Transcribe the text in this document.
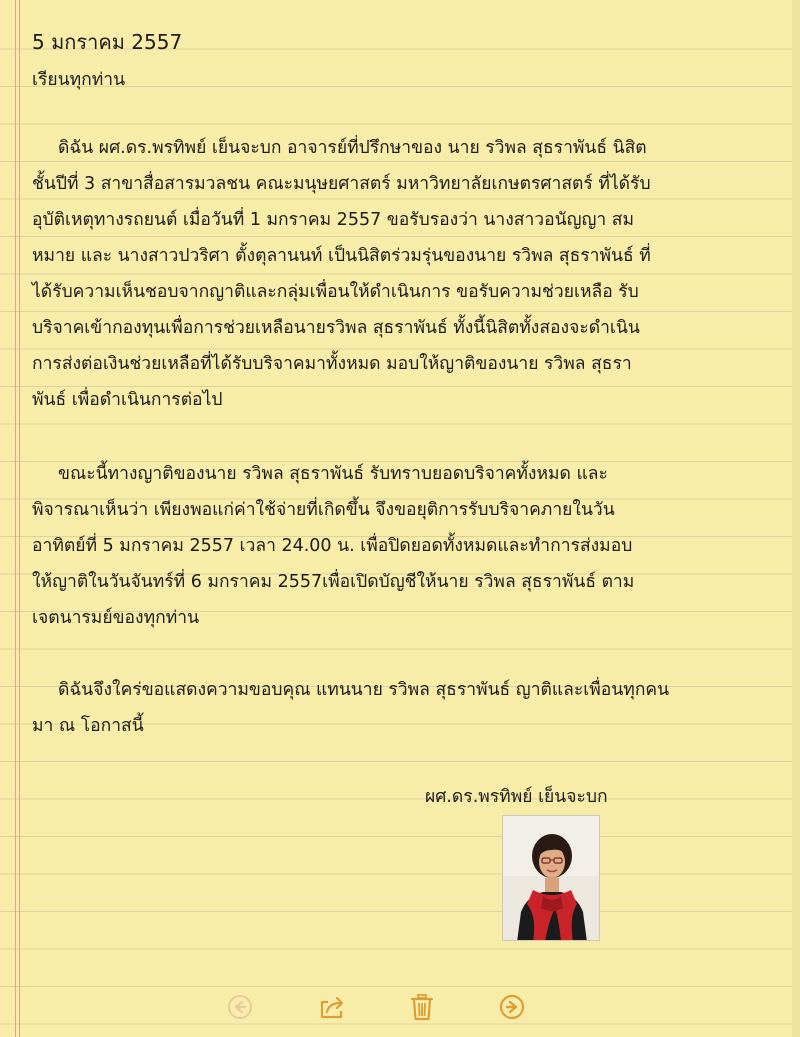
5 มกราคม 2557
เรียนทุกท่าน
ดิฉัน ผศ.ดร.พรทิพย์ เย็นจะบก อาจารย์ที่ปรึกษาของ นาย รวิพล สุธราพันธ์ นิสิต
ชั้นปีที่ 3 สาขาสื่อสารมวลชน คณะมนุษยศาสตร์ มหาวิทยาลัยเกษตรศาสตร์ ที่ได้รับ
อุบัติเหตุทางรถยนต์ เมื่อวันที่ 1 มกราคม 2557 ขอรับรองว่า นางสาวอนัญญา สม
หมาย และ นางสาวปวริศา ตั้งตุลานนท์ เป็นนิสิตร่วมรุ่นของนาย รวิพล สุธราพันธ์ ที่
ได้รับความเห็นชอบจากญาติและกลุ่มเพื่อนให้ดำเนินการ ขอรับความช่วยเหลือ รับ
บริจาคเข้ากองทุนเพื่อการช่วยเหลือนายรวิพล สุธราพันธ์ ทั้งนี้นิสิตทั้งสองจะดำเนิน
การส่งต่อเงินช่วยเหลือที่ได้รับบริจาคมาทั้งหมด มอบให้ญาติของนาย รวิพล สุธรา
พันธ์ เพื่อดำเนินการต่อไป
ขณะนี้ทางญาติของนาย รวิพล สุธราพันธ์ รับทราบยอดบริจาคทั้งหมด และ
พิจารณาเห็นว่า เพียงพอแก่ค่าใช้จ่ายที่เกิดขึ้น จึงขอยุติการรับบริจาคภายในวัน
อาทิตย์ที่ 5 มกราคม 2557 เวลา 24.00 น. เพื่อปิดยอดทั้งหมดและทำการส่งมอบ
ให้ญาติในวันจันทร์ที่ 6 มกราคม 2557เพื่อเปิดบัญชีให้นาย รวิพล สุธราพันธ์ ตาม
เจตนารมย์ของทุกท่าน
ดิฉันจึงใคร่ขอแสดงความขอบคุณ แทนนาย รวิพล สุธราพันธ์ ญาติและเพื่อนทุกคน
มา ณ โอกาสนี้
ผศ.ดร.พรทิพย์ เย็นจะบก
